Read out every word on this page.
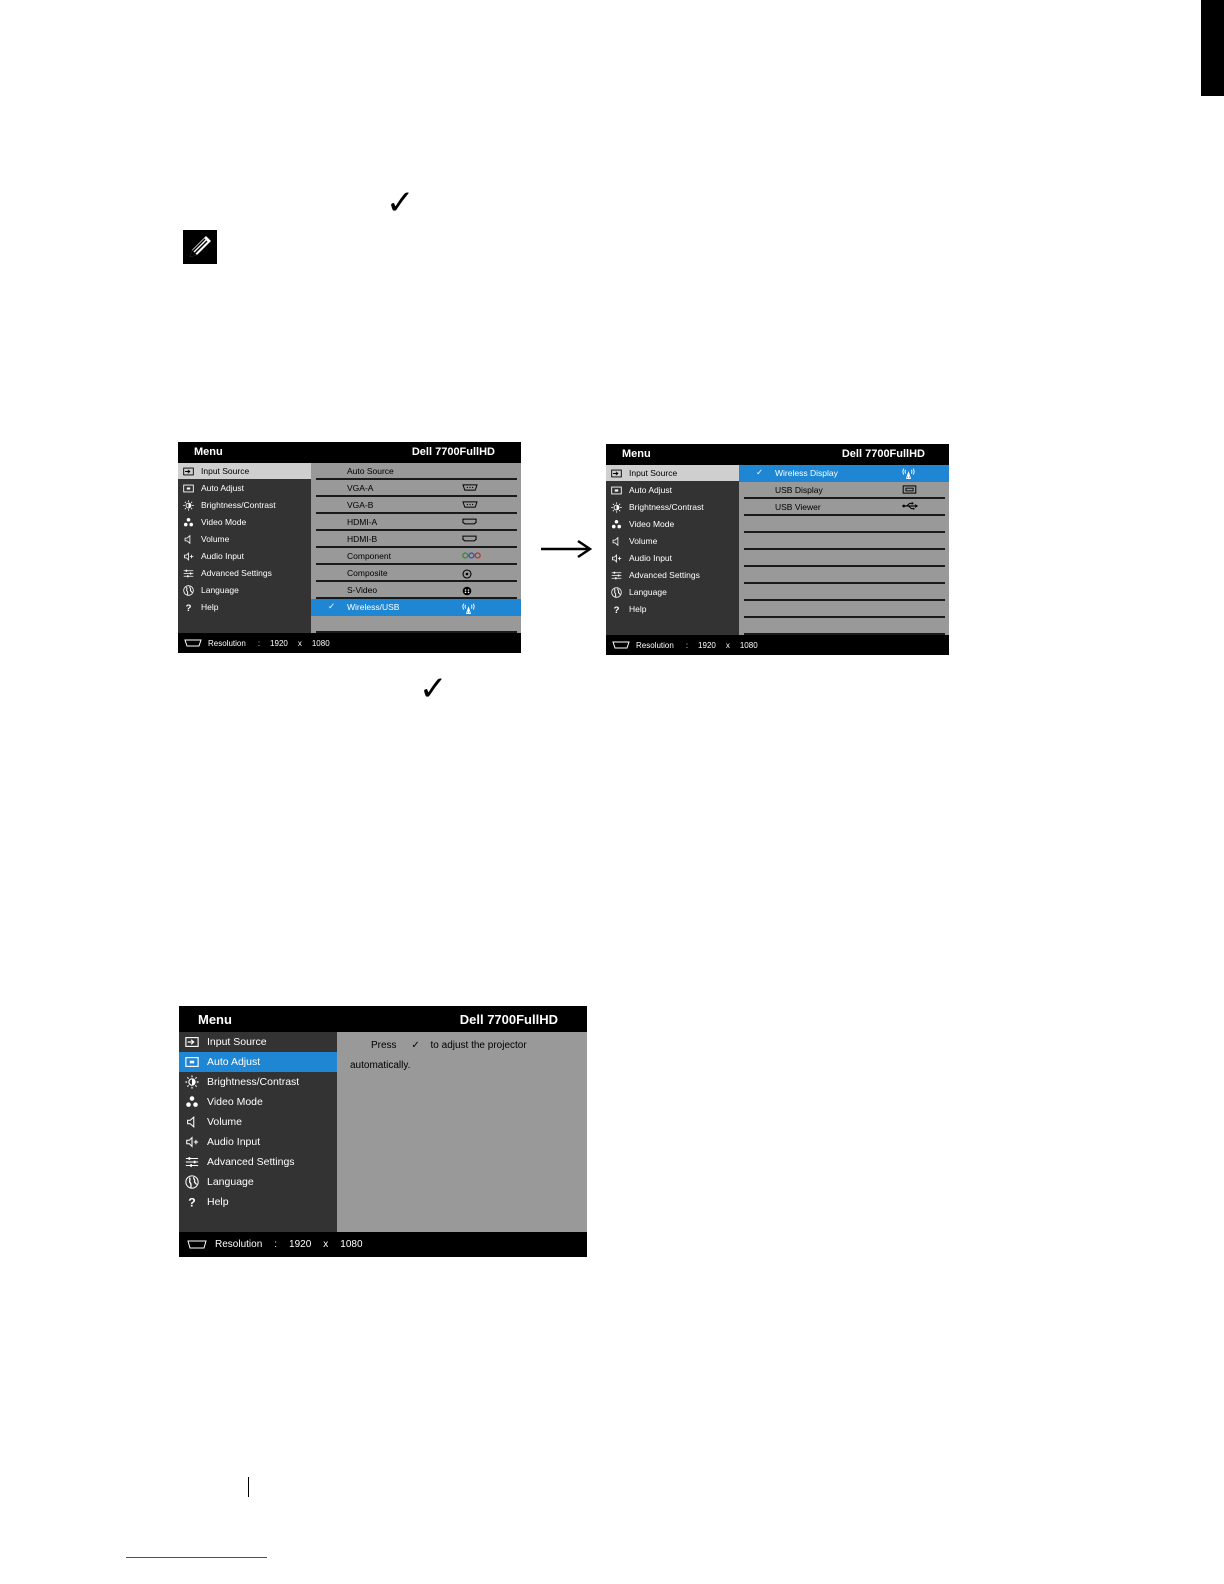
✓
Menu	Dell 7700FullHD
Input Source
Auto Adjust
Brightness/Contrast
Video Mode
Volume
Audio Input
Advanced Settings
Language
? Help
Auto Source
VGA-A
VGA-B
HDMI-A
HDMI-B
Component
Composite
S-Video
✓ Wireless/USB
Resolution : 1920 x 1080
Menu	Dell 7700FullHD
Input Source
Auto Adjust
Brightness/Contrast
Video Mode
Volume
Audio Input
Advanced Settings
Language
? Help
✓ Wireless Display
USB Display
USB Viewer
Resolution : 1920 x 1080
✓
Menu	Dell 7700FullHD
Input Source
Auto Adjust
Brightness/Contrast
Video Mode
Volume
Audio Input
Advanced Settings
Language
? Help
Press ✓ to adjust the projector
automatically.
Resolution : 1920 x 1080
